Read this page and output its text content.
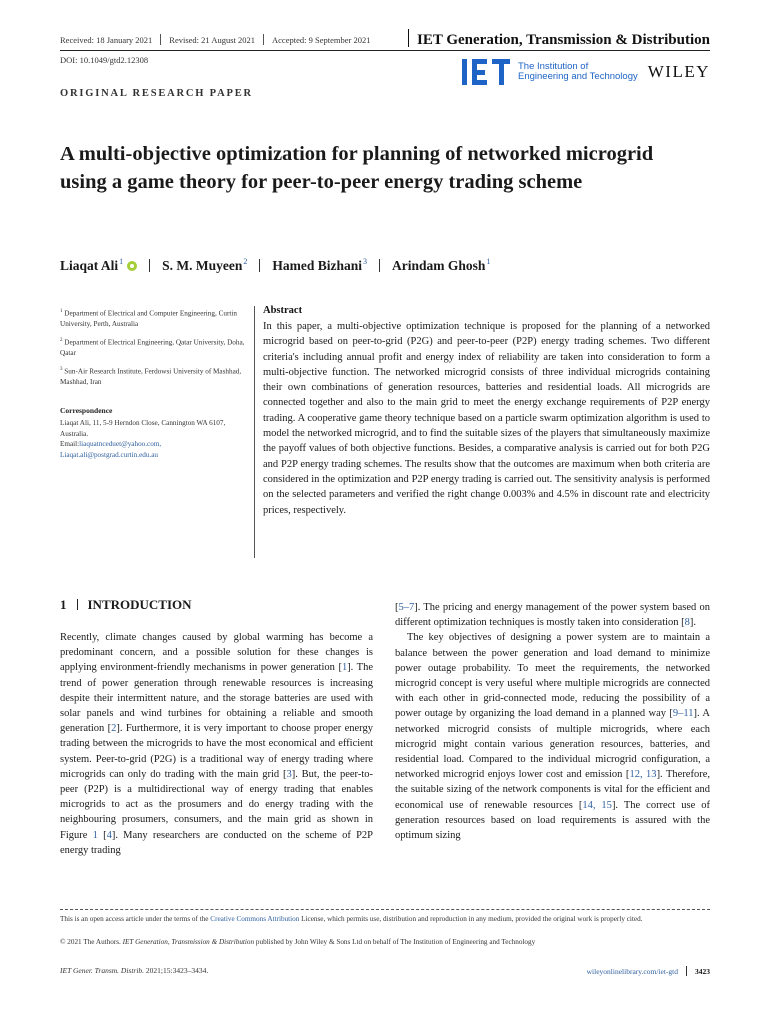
Received: 18 January 2021 Revised: 21 August 2021 Accepted: 9 September 2021	IET Generation, Transmission & Distribution
DOI: 10.1049/gtd2.12308
The Institution of
Engineering and Technology WILEY
ORIGINAL RESEARCH PAPER
A multi-objective optimization for planning of networked microgrid using a game theory for peer-to-peer energy trading scheme
Liaqat Ali$^1$	S. M. Muyeen$^2$ Hamed Bizhani$^3$ Arindam Ghosh$^1$
$^1$ Department of Electrical and Computer Engineering, Curtin University, Perth, Australia
$^2$ Department of Electrical Engineering, Qatar University, Doha, Qatar
$^3$ Sun-Air Research Institute, Ferdowsi University of Mashhad, Mashhad, Iran
Correspondence
Liaqat Ali, 11, 5-9 Herndon Close, Cannington WA 6107, Australia.
Email:liaquatnceduet@yahoo.com,
Liaqat.ali@postgrad.curtin.edu.au
Abstract

In this paper, a multi-objective optimization technique is proposed for the planning of a networked microgrid based on peer-to-grid (P2G) and peer-to-peer (P2P) energy trading schemes. Two different criteria's including annual profit and energy index of reliability are taken into consideration to form a multi-objective function. The networked microgrid consists of three individual microgrids containing their own combinations of generation resources, batteries and residential loads. All microgrids are connected together and also to the main grid to meet the energy exchange requirements of P2P energy trading. A cooperative game theory technique based on a particle swarm optimization algorithm is used to model the networked microgrid, and to find the suitable sizes of the players that simultaneously maximize the payoff values of both objective functions. Besides, a comparative analysis is carried out for both P2G and P2P energy trading schemes. The results show that the outcomes are maximum when both criteria are considered in the optimization and P2P energy trading is carried out. The sensitivity analysis is performed on the selected parameters and verified the right change 0.003% and 4.5% in discount rate and electricity prices, respectively.

1 INTRODUCTION

Recently, climate changes caused by global warming has become a predominant concern, and a possible solution for these changes is applying environment-friendly mechanisms in power generation [1]. The trend of power generation through renewable resources is increasing despite their intermittent nature, and the storage batteries are used with solar panels and wind turbines for obtaining a reliable and smooth generation [2]. Furthermore, it is very important to choose proper energy trading between the microgrids to have the most economical and efficient system. Peer-to-grid (P2G) is a traditional way of energy trading where microgrids can only do trading with the main grid [3]. But, the peer-to-peer (P2P) is a multidirectional way of energy trading that enables microgrids to act as the prosumers and do energy trading with the neighbouring prosumers, consumers, and the main grid as shown in Figure 1 [4]. Many researchers are conducted on the scheme of P2P energy trading

[5–7]. The pricing and energy management of the power system based on different optimization techniques is mostly taken into consideration [8].

The key objectives of designing a power system are to maintain a balance between the power generation and load demand to minimize power outage probability. To meet the requirements, the networked microgrid concept is very useful where multiple microgrids are connected with each other in grid-connected mode, reducing the possibility of a power outage by organizing the load demand in a planned way [9–11]. A networked microgrid consists of multiple microgrids, where each microgrid might contain various generation resources, batteries, and residential load. Compared to the individual microgrid configuration, a networked microgrid enjoys lower cost and emission [12, 13]. Therefore, the suitable sizing of the network components is vital for the efficient and economical use of renewable resources [14, 15]. The correct use of generation resources based on load requirements is assured with the optimum sizing

This is an open access article under the terms of the Creative Commons Attribution License, which permits use, distribution and reproduction in any medium, provided the original work is properly cited.
© 2021 The Authors. IET Generation, Transmission & Distribution published by John Wiley & Sons Ltd on behalf of The Institution of Engineering and Technology
IET Gener. Transm. Distrib. 2021;15:3423–3434.	wileyonlinelibrary.com/iet-gtd 3423
